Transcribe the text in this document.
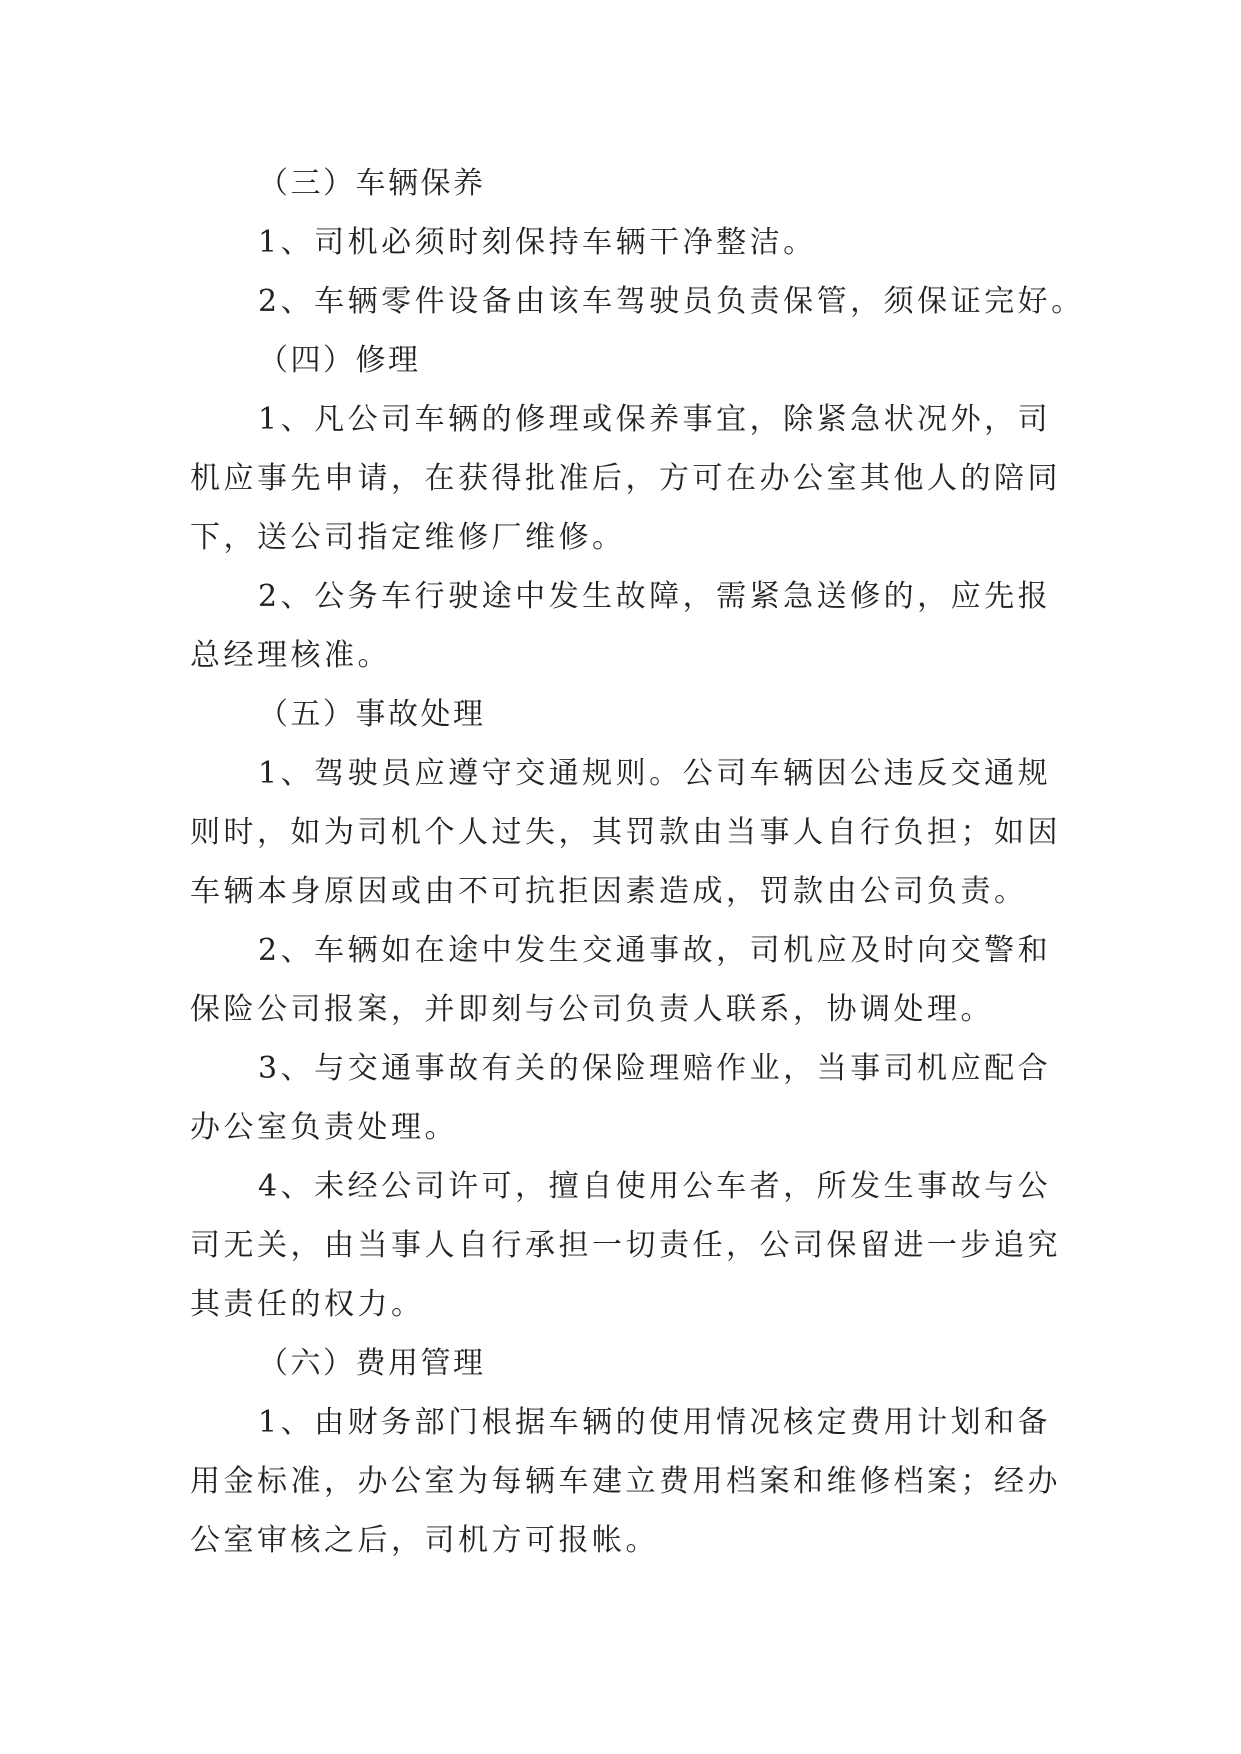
（三）车辆保养

1、司机必须时刻保持车辆干净整洁。

2、车辆零件设备由该车驾驶员负责保管，须保证完好。

（四）修理

1、凡公司车辆的修理或保养事宜，除紧急状况外，司机应事先申请，在获得批准后，方可在办公室其他人的陪同下，送公司指定维修厂维修。

2、公务车行驶途中发生故障，需紧急送修的，应先报总经理核准。

（五）事故处理

1、驾驶员应遵守交通规则。公司车辆因公违反交通规则时，如为司机个人过失，其罚款由当事人自行负担；如因车辆本身原因或由不可抗拒因素造成，罚款由公司负责。

2、车辆如在途中发生交通事故，司机应及时向交警和保险公司报案，并即刻与公司负责人联系，协调处理。

3、与交通事故有关的保险理赔作业，当事司机应配合办公室负责处理。

4、未经公司许可，擅自使用公车者，所发生事故与公司无关，由当事人自行承担一切责任，公司保留进一步追究其责任的权力。

（六）费用管理

1、由财务部门根据车辆的使用情况核定费用计划和备用金标准，办公室为每辆车建立费用档案和维修档案；经办公室审核之后，司机方可报帐。
